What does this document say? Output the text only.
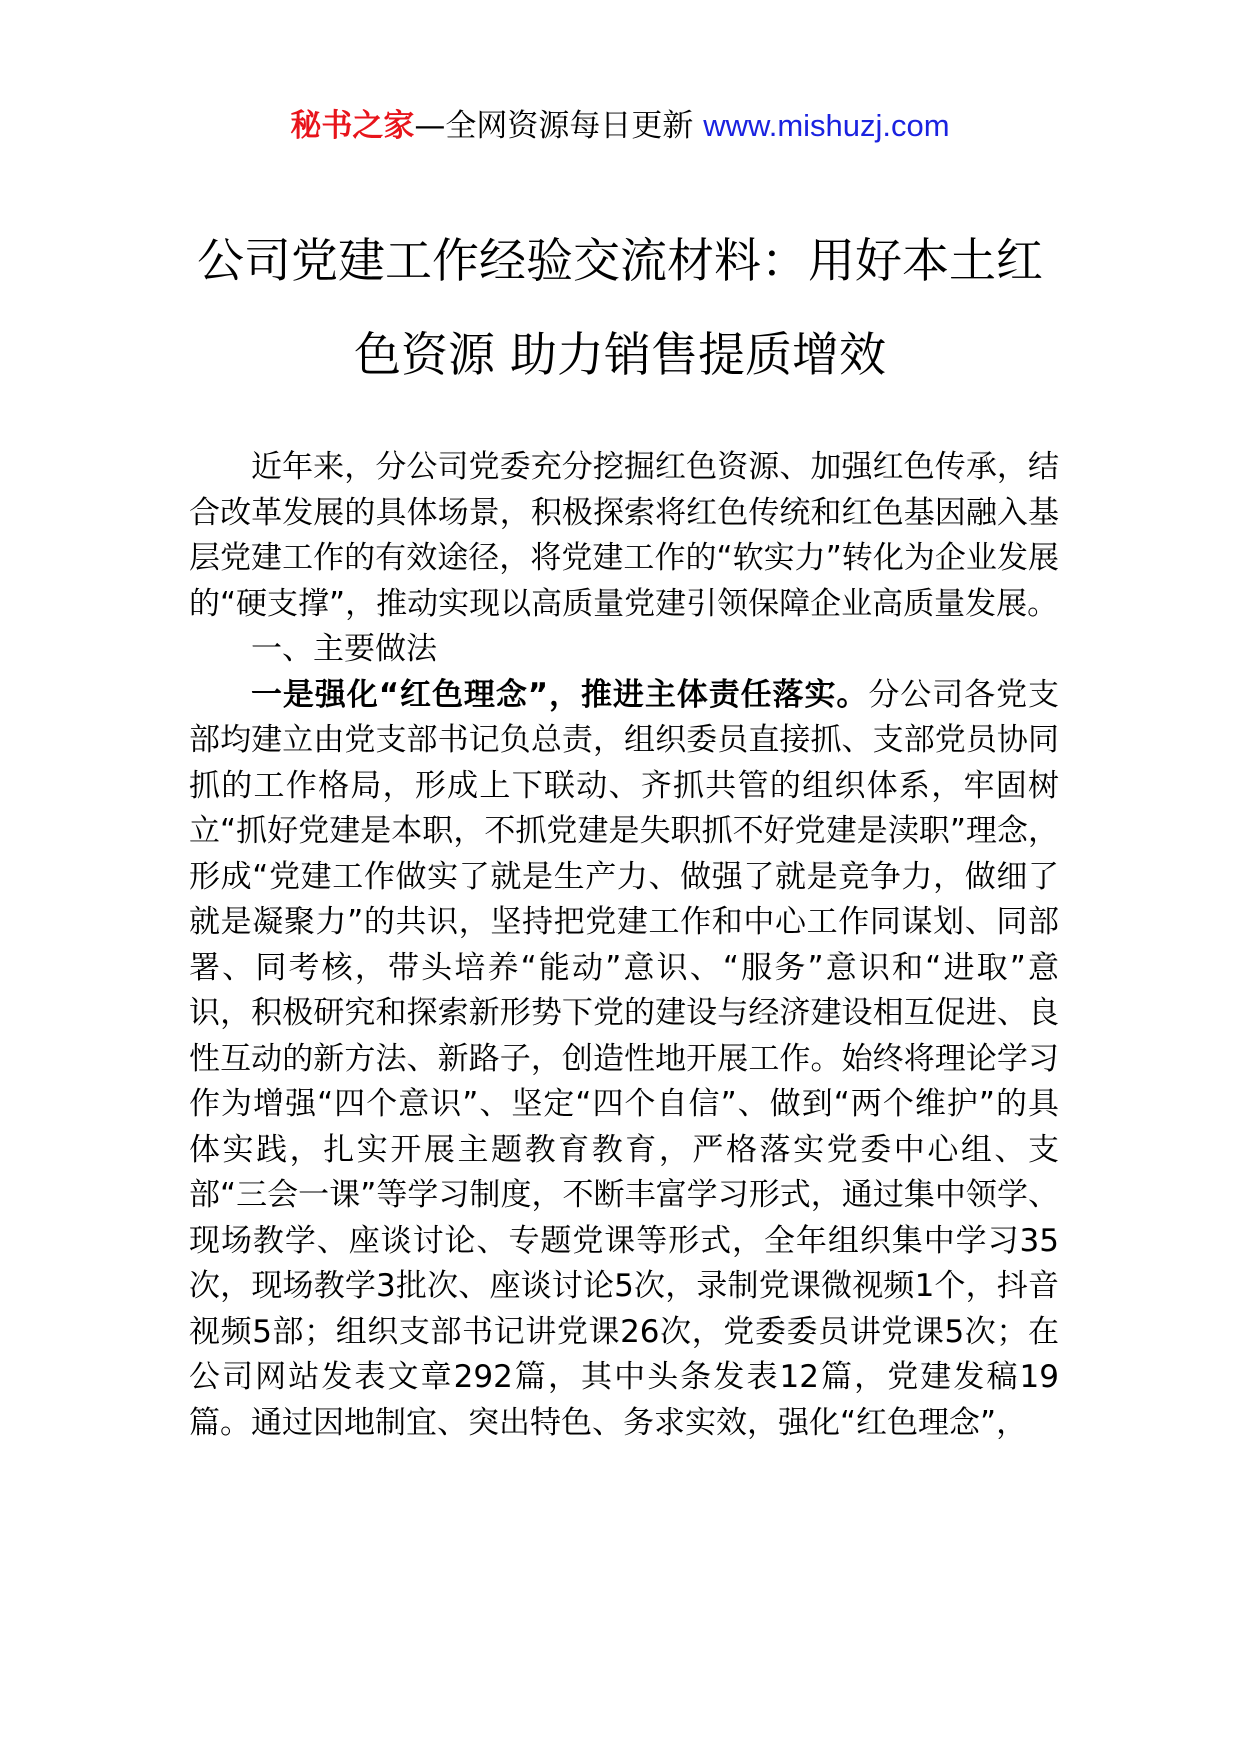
秘书之家—全网资源每日更新 www.mishuzj.com
公司党建工作经验交流材料：用好本土红
色资源 助力销售提质增效

近年来，分公司党委充分挖掘红色资源、加强红色传承，结合改革发展的具体场景，积极探索将红色传统和红色基因融入基层党建工作的有效途径，将党建工作的“软实力”转化为企业发展的“硬支撑”，推动实现以高质量党建引领保障企业高质量发展。

一、主要做法

一是强化“红色理念”，推进主体责任落实。分公司各党支部均建立由党支部书记负总责，组织委员直接抓、支部党员协同抓的工作格局，形成上下联动、齐抓共管的组织体系，牢固树立“抓好党建是本职，不抓党建是失职抓不好党建是渎职”理念，形成“党建工作做实了就是生产力、做强了就是竞争力，做细了就是凝聚力”的共识，坚持把党建工作和中心工作同谋划、同部署、同考核，带头培养“能动”意识、“服务”意识和“进取”意识，积极研究和探索新形势下党的建设与经济建设相互促进、良性互动的新方法、新路子，创造性地开展工作。始终将理论学习作为增强“四个意识”、坚定“四个自信”、做到“两个维护”的具体实践，扎实开展主题教育教育，严格落实党委中心组、支部“三会一课”等学习制度，不断丰富学习形式，通过集中领学、现场教学、座谈讨论、专题党课等形式，全年组织集中学习35次，现场教学3批次、座谈讨论5次，录制党课微视频1个，抖音视频5部；组织支部书记讲党课26次，党委委员讲党课5次；在公司网站发表文章292篇，其中头条发表12篇，党建发稿19篇。通过因地制宜、突出特色、务求实效，强化“红色理念”，
